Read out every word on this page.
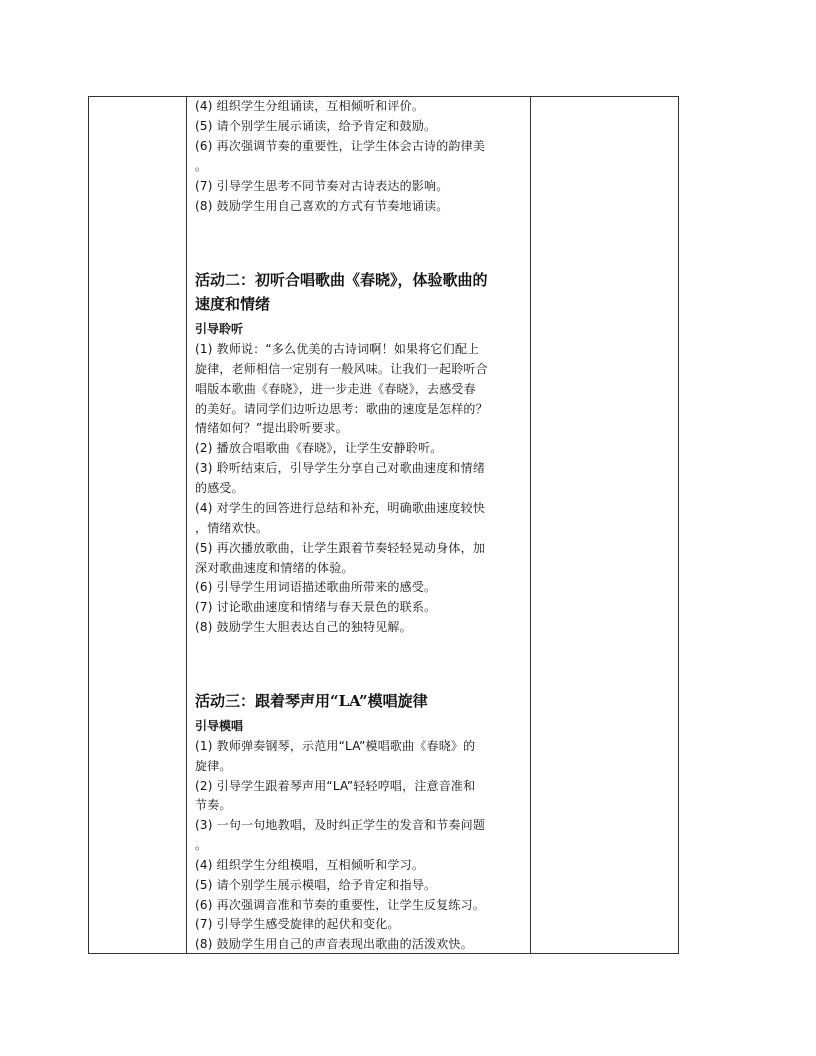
(4) 组织学生分组诵读，互相倾听和评价。
(5) 请个别学生展示诵读，给予肯定和鼓励。
(6) 再次强调节奏的重要性，让学生体会古诗的韵律美
。
(7) 引导学生思考不同节奏对古诗表达的影响。
(8) 鼓励学生用自己喜欢的方式有节奏地诵读。
活动二：初听合唱歌曲《春晓》，体验歌曲的
速度和情绪
引导聆听
(1) 教师说：“多么优美的古诗词啊！如果将它们配上
旋律，老师相信一定别有一般风味。让我们一起聆听合
唱版本歌曲《春晓》，进一步走进《春晓》，去感受春
的美好。请同学们边听边思考：歌曲的速度是怎样的？
情绪如何？”提出聆听要求。
(2) 播放合唱歌曲《春晓》，让学生安静聆听。
(3) 聆听结束后，引导学生分享自己对歌曲速度和情绪
的感受。
(4) 对学生的回答进行总结和补充，明确歌曲速度较快
，情绪欢快。
(5) 再次播放歌曲，让学生跟着节奏轻轻晃动身体，加
深对歌曲速度和情绪的体验。
(6) 引导学生用词语描述歌曲所带来的感受。
(7) 讨论歌曲速度和情绪与春天景色的联系。
(8) 鼓励学生大胆表达自己的独特见解。
活动三：跟着琴声用“LA”模唱旋律
引导模唱
(1) 教师弹奏钢琴，示范用“LA”模唱歌曲《春晓》的
旋律。
(2) 引导学生跟着琴声用“LA”轻轻哼唱，注意音准和
节奏。
(3) 一句一句地教唱，及时纠正学生的发音和节奏问题
。
(4) 组织学生分组模唱，互相倾听和学习。
(5) 请个别学生展示模唱，给予肯定和指导。
(6) 再次强调音准和节奏的重要性，让学生反复练习。
(7) 引导学生感受旋律的起伏和变化。
(8) 鼓励学生用自己的声音表现出歌曲的活泼欢快。
